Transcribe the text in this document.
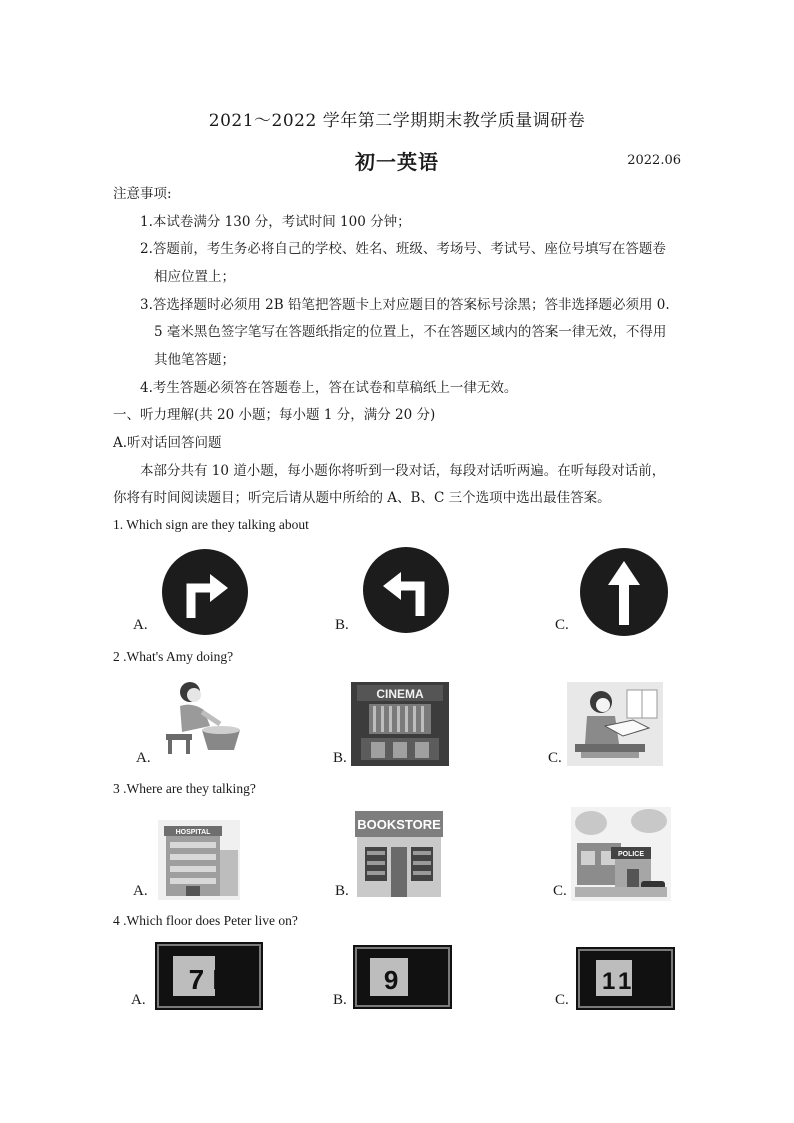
2021～2022 学年第二学期期末教学质量调研卷
初一英语	2022.06
注意事项:
1.本试卷满分 130 分，考试时间 100 分钟；
2.答题前，考生务必将自己的学校、姓名、班级、考场号、考试号、座位号填写在答题卷
相应位置上；
3.答选择题时必须用 2B 铅笔把答题卡上对应题目的答案标号涂黑；答非选择题必须用 0.
5 毫米黑色签字笔写在答题纸指定的位置上，不在答题区域内的答案一律无效，不得用
其他笔答题；
4.考生答题必须答在答题卷上，答在试卷和草稿纸上一律无效。
一、听力理解(共 20 小题；每小题 1 分，满分 20 分)
A.听对话回答问题
本部分共有 10 道小题，每小题你将听到一段对话，每段对话听两遍。在听每段对话前，
你将有时间阅读题目；听完后请从题中所给的 A、B、C 三个选项中选出最佳答案。
1. Which sign are they talking about
A.	B.	C.
2 .What's Amy doing?
A.	B.
CINEMA
C.
3 .Where are they talking?
A.
HOSPITAL
B.
BOOKSTORE
C.
POLICE
4 .Which floor does Peter live on?
A.
7F
B.
9F
C.
11F
